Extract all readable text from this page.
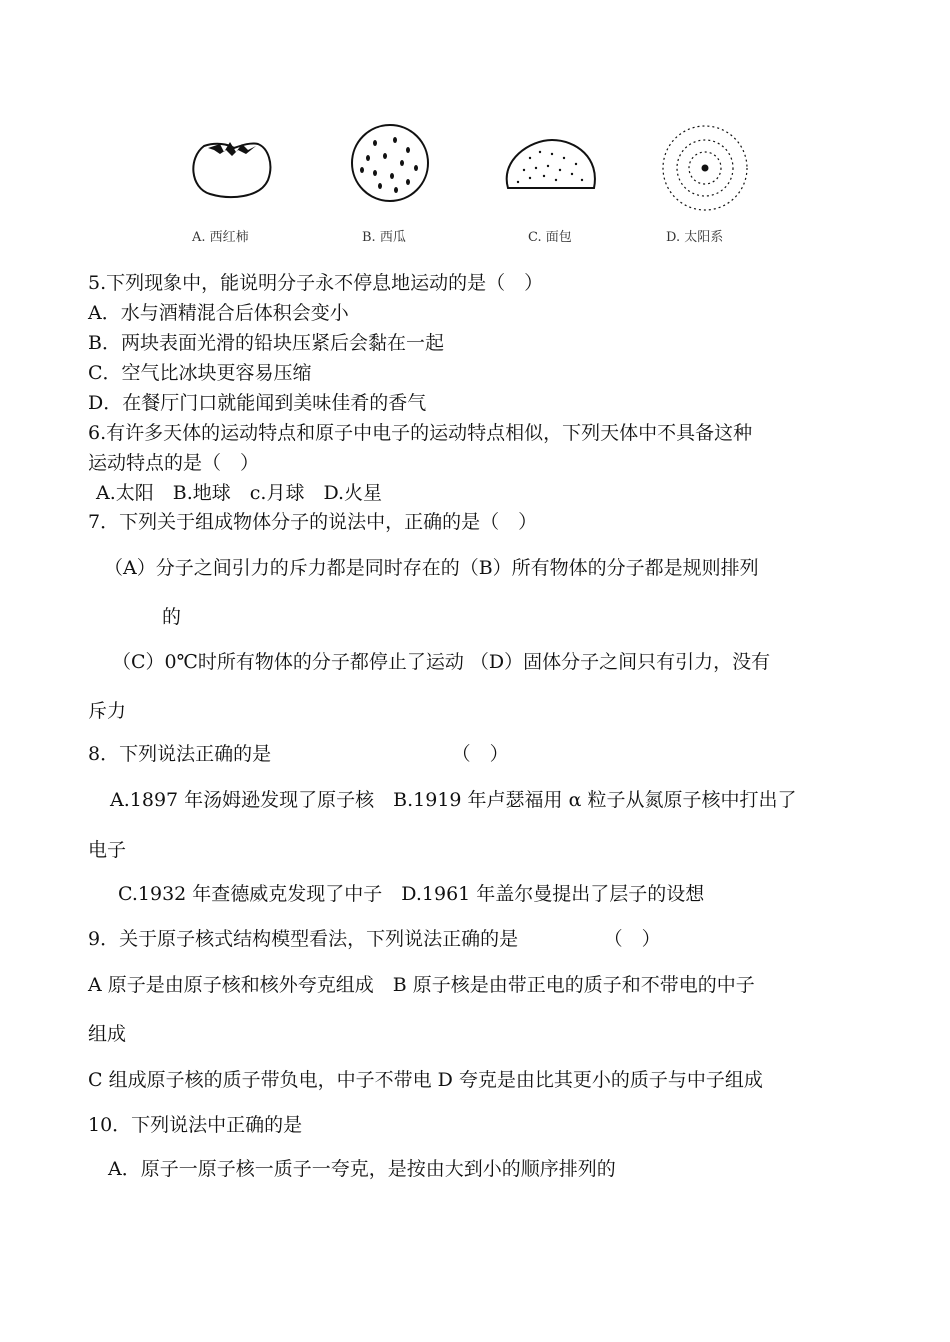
A. 西红柿	B. 西瓜	C. 面包	D. 太阳系
5.下列现象中，能说明分子永不停息地运动的是（　）
A．水与酒精混合后体积会变小
B．两块表面光滑的铅块压紧后会黏在一起
C．空气比冰块更容易压缩
D．在餐厅门口就能闻到美味佳肴的香气
6.有许多天体的运动特点和原子中电子的运动特点相似，下列天体中不具备这种
运动特点的是（　）
A.太阳　B.地球　c.月球　D.火星
7．下列关于组成物体分子的说法中，正确的是（　）
（A）分子之间引力的斥力都是同时存在的（B）所有物体的分子都是规则排列
的
（C）0℃时所有物体的分子都停止了运动 （D）固体分子之间只有引力，没有
斥力
8．下列说法正确的是　　　　　　　　　　（　）
A.1897 年汤姆逊发现了原子核　B.1919 年卢瑟福用 α 粒子从氮原子核中打出了
电子
C.1932 年查德威克发现了中子　D.1961 年盖尔曼提出了层子的设想
9．关于原子核式结构模型看法，下列说法正确的是　　　　　（　）
A 原子是由原子核和核外夸克组成　B 原子核是由带正电的质子和不带电的中子
组成
C 组成原子核的质子带负电，中子不带电 D 夸克是由比其更小的质子与中子组成
10．下列说法中正确的是
A．原子一原子核一质子一夸克，是按由大到小的顺序排列的
